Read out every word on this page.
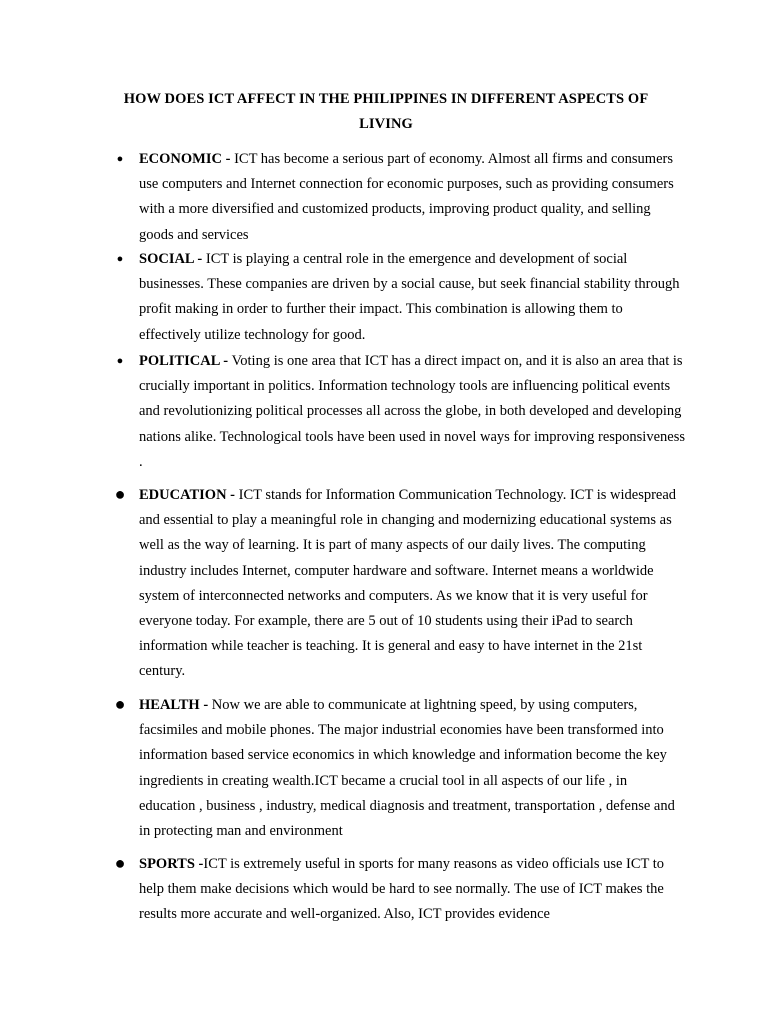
HOW DOES ICT AFFECT IN THE PHILIPPINES IN DIFFERENT ASPECTS OF LIVING

● ECONOMIC - ICT has become a serious part of economy. Almost all firms and consumers use computers and Internet connection for economic purposes, such as providing consumers with a more diversified and customized products, improving product quality, and selling goods and services

● SOCIAL - ICT is playing a central role in the emergence and development of social businesses. These companies are driven by a social cause, but seek financial stability through profit making in order to further their impact. This combination is allowing them to effectively utilize technology for good.

● POLITICAL - Voting is one area that ICT has a direct impact on, and it is also an area that is crucially important in politics. Information technology tools are influencing political events and revolutionizing political processes all across the globe, in both developed and developing nations alike. Technological tools have been used in novel ways for improving responsiveness .

● EDUCATION - ICT stands for Information Communication Technology. ICT is widespread and essential to play a meaningful role in changing and modernizing educational systems as well as the way of learning. It is part of many aspects of our daily lives. The computing industry includes Internet, computer hardware and software. Internet means a worldwide system of interconnected networks and computers. As we know that it is very useful for everyone today. For example, there are 5 out of 10 students using their iPad to search information while teacher is teaching. It is general and easy to have internet in the 21st century.

● HEALTH - Now we are able to communicate at lightning speed, by using computers, facsimiles and mobile phones. The major industrial economies have been transformed into information based service economics in which knowledge and information become the key ingredients in creating wealth.ICT became a crucial tool in all aspects of our life , in education , business , industry, medical diagnosis and treatment, transportation , defense and in protecting man and environment

● SPORTS -ICT is extremely useful in sports for many reasons as video officials use ICT to help them make decisions which would be hard to see normally. The use of ICT makes the results more accurate and well-organized. Also, ICT provides evidence
